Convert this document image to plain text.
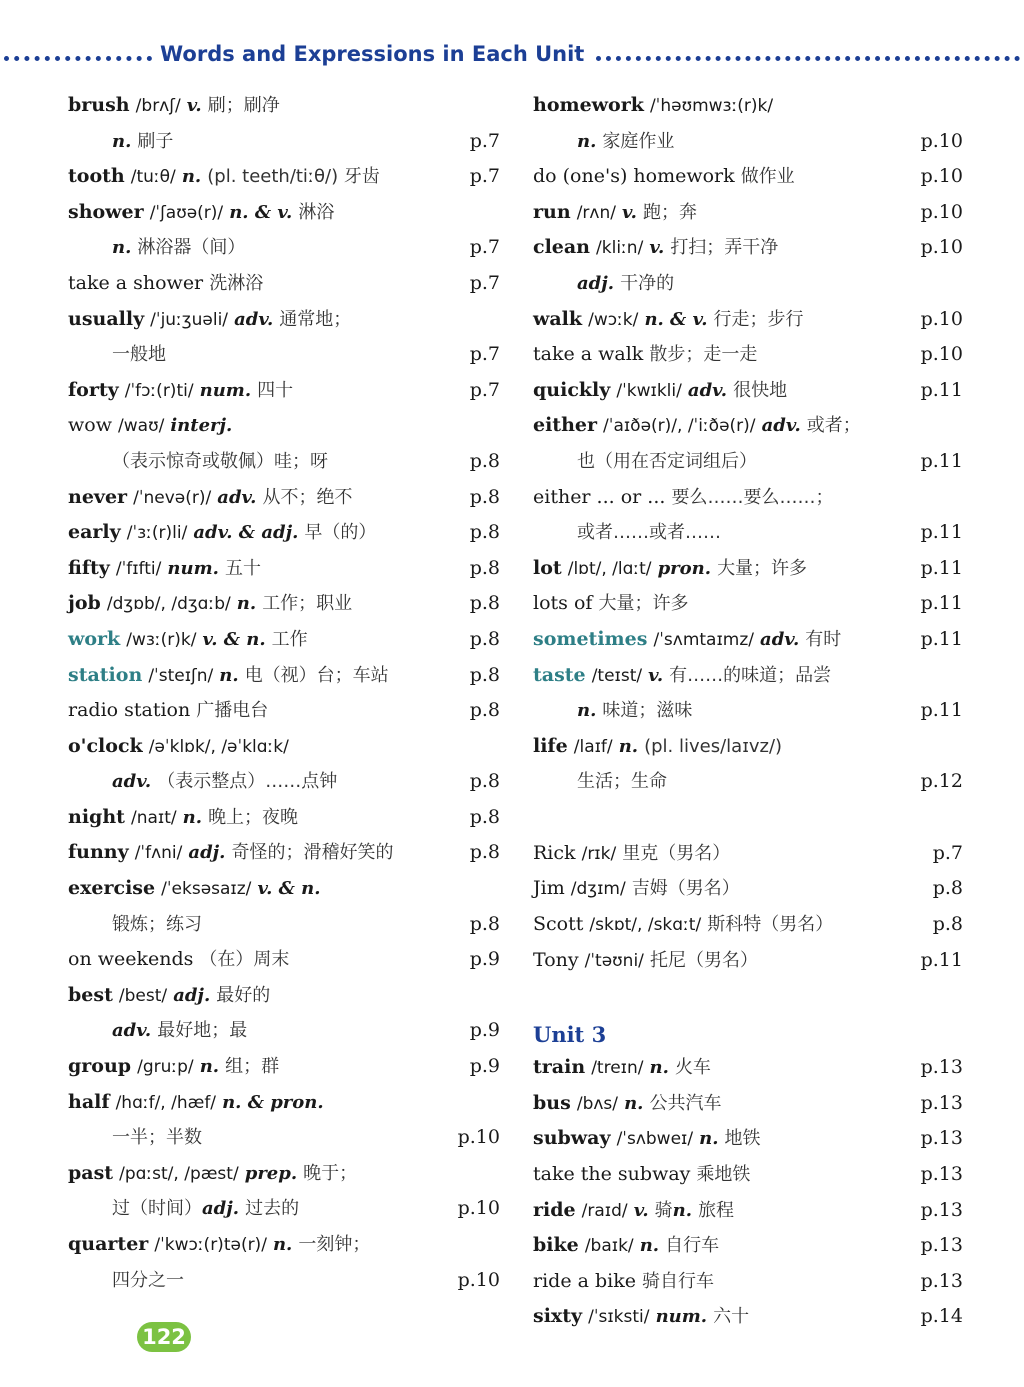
Words and Expressions in Each Unit
brush /brʌʃ/ v. 刷；刷净
n. 刷子	p.7
tooth /tuːθ/ n. (pl. teeth/tiːθ/) 牙齿	p.7
shower /ˈʃaʊə(r)/ n. & v. 淋浴
n. 淋浴器（间）	p.7
take a shower 洗淋浴	p.7
usually /ˈjuːʒuəli/ adv. 通常地；
一般地	p.7
forty /ˈfɔː(r)ti/ num. 四十	p.7
wow /waʊ/ interj.
（表示惊奇或敬佩）哇；呀	p.8
never /ˈnevə(r)/ adv. 从不；绝不	p.8
early /ˈɜː(r)li/ adv. & adj. 早（的）	p.8
fifty /ˈfɪfti/ num. 五十	p.8
job /dʒɒb/, /dʒɑːb/ n. 工作；职业	p.8
work /wɜː(r)k/ v. & n. 工作	p.8
station /ˈsteɪʃn/ n. 电（视）台；车站	p.8
radio station 广播电台	p.8
o'clock /əˈklɒk/, /əˈklɑːk/
adv. （表示整点）……点钟	p.8
night /naɪt/ n. 晚上；夜晚	p.8
funny /ˈfʌni/ adj. 奇怪的；滑稽好笑的	p.8
exercise /ˈeksəsaɪz/ v. & n.
锻炼；练习	p.8
on weekends （在）周末	p.9
best /best/ adj. 最好的
adv. 最好地；最	p.9
group /gruːp/ n. 组；群	p.9
half /hɑːf/, /hæf/ n. & pron.
一半；半数	p.10
past /pɑːst/, /pæst/ prep. 晚于；
过（时间）adj. 过去的	p.10
quarter /ˈkwɔː(r)tə(r)/ n. 一刻钟；
四分之一	p.10
homework /ˈhəʊmwɜː(r)k/
n. 家庭作业	p.10
do (one's) homework 做作业	p.10
run /rʌn/ v. 跑；奔	p.10
clean /kliːn/ v. 打扫；弄干净	p.10
adj. 干净的
walk /wɔːk/ n. & v. 行走；步行	p.10
take a walk 散步；走一走	p.10
quickly /ˈkwɪkli/ adv. 很快地	p.11
either /ˈaɪðə(r)/, /ˈiːðə(r)/ adv. 或者；
也（用在否定词组后）	p.11
either ... or ... 要么……要么……；
或者……或者……	p.11
lot /lɒt/, /lɑːt/ pron. 大量；许多	p.11
lots of 大量；许多	p.11
sometimes /ˈsʌmtaɪmz/ adv. 有时	p.11
taste /teɪst/ v. 有……的味道；品尝
n. 味道；滋味	p.11
life /laɪf/ n. (pl. lives/laɪvz/)
生活；生命	p.12
Rick /rɪk/ 里克（男名）	p.7
Jim /dʒɪm/ 吉姆（男名）	p.8
Scott /skɒt/, /skɑːt/ 斯科特（男名）	p.8
Tony /ˈtəʊni/ 托尼（男名）	p.11
Unit 3
train /treɪn/ n. 火车	p.13
bus /bʌs/ n. 公共汽车	p.13
subway /ˈsʌbweɪ/ n. 地铁	p.13
take the subway 乘地铁	p.13
ride /raɪd/ v. 骑n. 旅程	p.13
bike /baɪk/ n. 自行车	p.13
ride a bike 骑自行车	p.13
sixty /ˈsɪksti/ num. 六十	p.14
122
